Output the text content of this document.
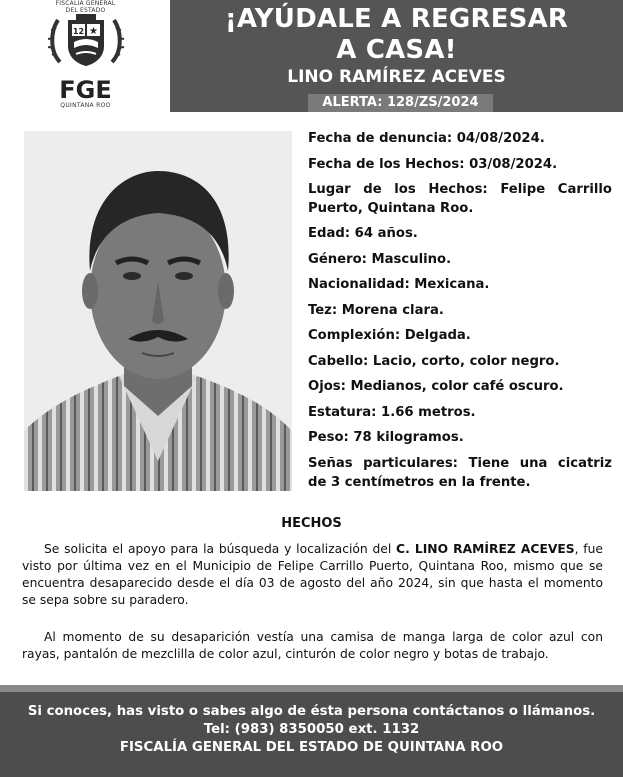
FISCALÍA GENERAL
DEL ESTADO
12 ★
FGE
QUINTANA ROO
¡AYÚDALE A REGRESAR
A CASA!
LINO RAMÍREZ ACEVES
ALERTA: 128/ZS/2024
Fecha de denuncia: 04/08/2024.
Fecha de los Hechos: 03/08/2024.
Lugar de los Hechos: Felipe Carrillo
Puerto, Quintana Roo.
Edad: 64 años.
Género: Masculino.
Nacionalidad: Mexicana.
Tez: Morena clara.
Complexión: Delgada.
Cabello: Lacio, corto, color negro.
Ojos: Medianos, color café oscuro.
Estatura: 1.66 metros.
Peso: 78 kilogramos.
Señas particulares: Tiene una cicatriz
de 3 centímetros en la frente.
HECHOS
Se solicita el apoyo para la búsqueda y localización del C. LINO RAMÍREZ ACEVES, fue visto por última vez en el Municipio de Felipe Carrillo Puerto, Quintana Roo, mismo que se encuentra desaparecido desde el día 03 de agosto del año 2024, sin que hasta el momento se sepa sobre su paradero.
Al momento de su desaparición vestía una camisa de manga larga de color azul con rayas, pantalón de mezclilla de color azul, cinturón de color negro y botas de trabajo.
Si conoces, has visto o sabes algo de ésta persona contáctanos o llámanos.
Tel: (983) 8350050 ext. 1132
FISCALÍA GENERAL DEL ESTADO DE QUINTANA ROO
